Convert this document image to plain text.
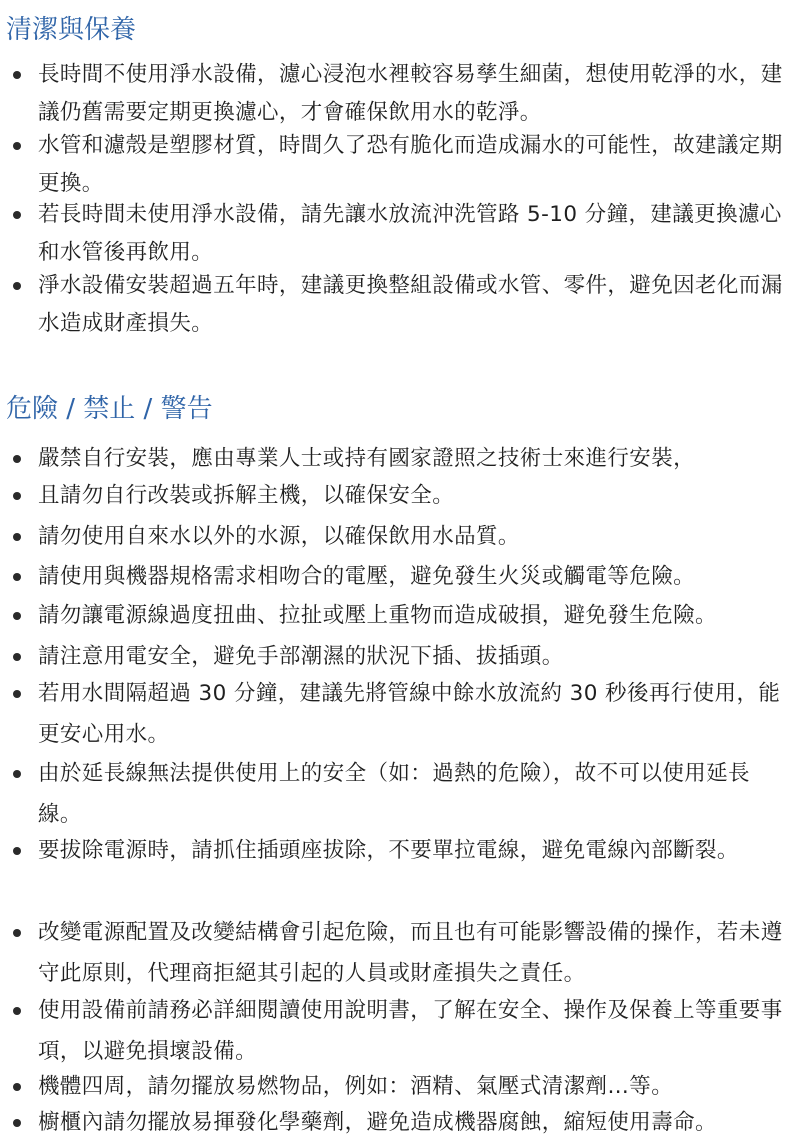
清潔與保養
長時間不使用淨水設備，濾心浸泡水裡較容易孳生細菌，想使用乾淨的水，建議仍舊需要定期更換濾心，才會確保飲用水的乾淨。
水管和濾殼是塑膠材質，時間久了恐有脆化而造成漏水的可能性，故建議定期更換。
若長時間未使用淨水設備，請先讓水放流沖洗管路 5-10 分鐘，建議更換濾心和水管後再飲用。
淨水設備安裝超過五年時，建議更換整組設備或水管、零件，避免因老化而漏水造成財產損失。
危險 / 禁止 / 警告
嚴禁自行安裝，應由專業人士或持有國家證照之技術士來進行安裝，
且請勿自行改裝或拆解主機，以確保安全。
請勿使用自來水以外的水源，以確保飲用水品質。
請使用與機器規格需求相吻合的電壓，避免發生火災或觸電等危險。
請勿讓電源線過度扭曲、拉扯或壓上重物而造成破損，避免發生危險。
請注意用電安全，避免手部潮濕的狀況下插、拔插頭。
若用水間隔超過 30 分鐘，建議先將管線中餘水放流約 30 秒後再行使用，能更安心用水。
由於延長線無法提供使用上的安全（如：過熱的危險），故不可以使用延長線。
要拔除電源時，請抓住插頭座拔除，不要單拉電線，避免電線內部斷裂。
改變電源配置及改變結構會引起危險，而且也有可能影響設備的操作，若未遵守此原則，代理商拒絕其引起的人員或財產損失之責任。
使用設備前請務必詳細閱讀使用說明書，了解在安全、操作及保養上等重要事項，以避免損壞設備。
機體四周，請勿擺放易燃物品，例如：酒精、氣壓式清潔劑…等。
櫥櫃內請勿擺放易揮發化學藥劑，避免造成機器腐蝕，縮短使用壽命。
